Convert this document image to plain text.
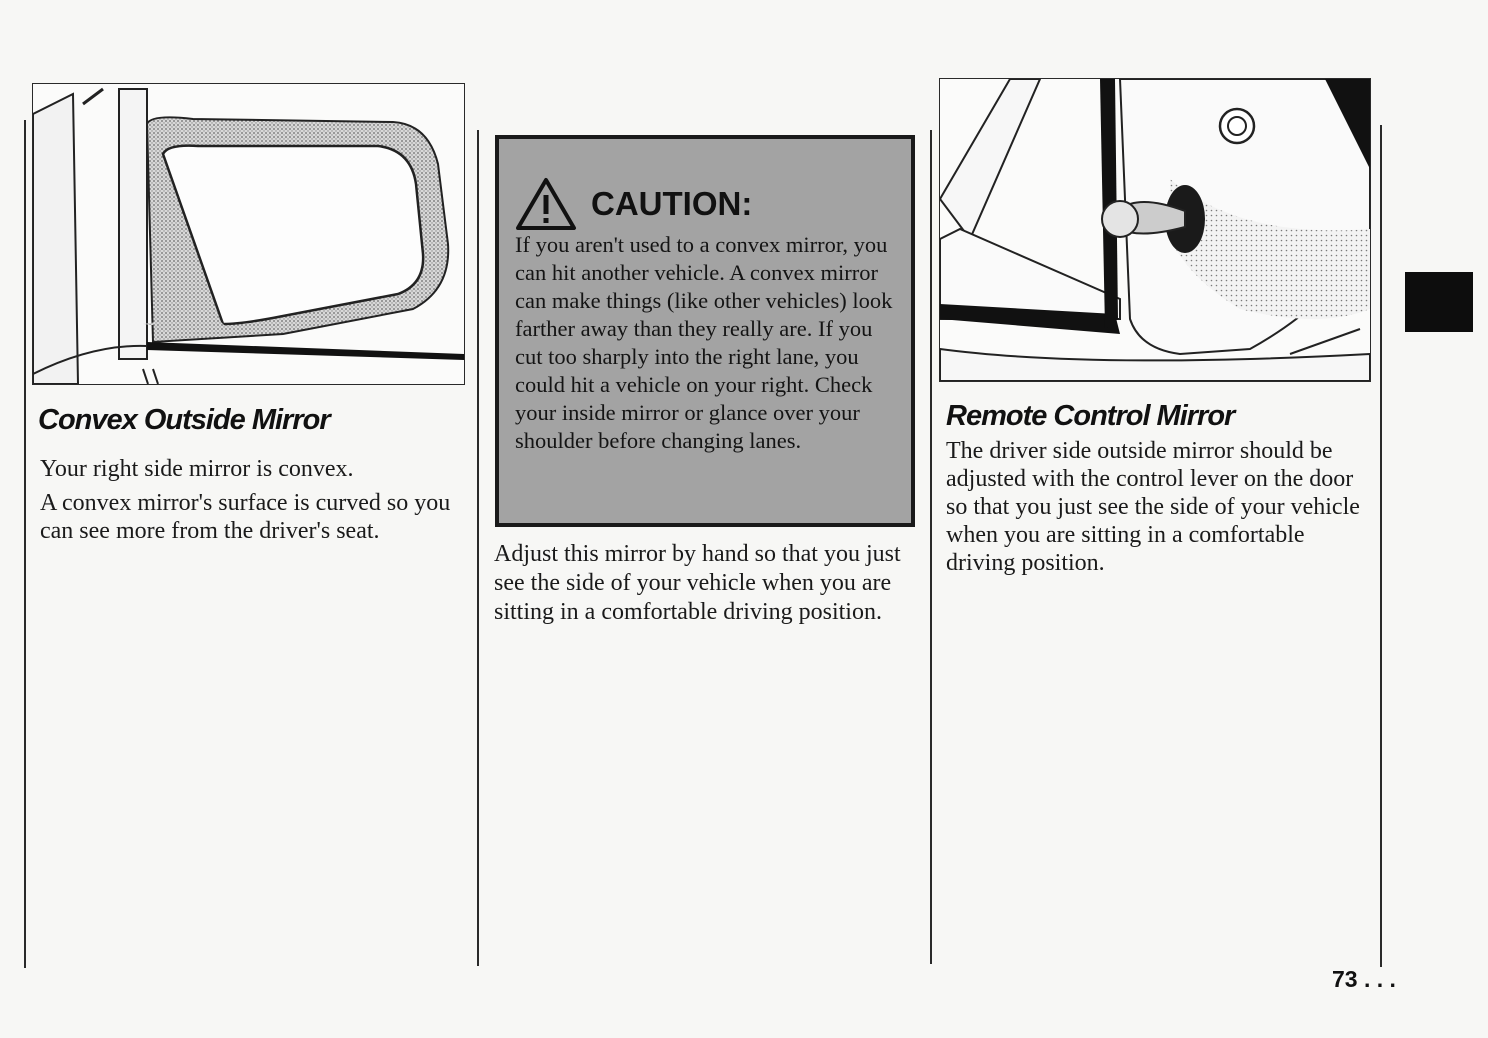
Convex Outside Mirror

Your right side mirror is convex.

A convex mirror's surface is curved so you can see more from the driver's seat.

CAUTION:
If you aren't used to a convex mirror, you can hit another vehicle. A convex mirror can make things (like other vehicles) look farther away than they really are. If you cut too sharply into the right lane, you could hit a vehicle on your right. Check your inside mirror or glance over your shoulder before changing lanes.
Adjust this mirror by hand so that you just see the side of your vehicle when you are sitting in a comfortable driving position.
Remote Control Mirror
The driver side outside mirror should be adjusted with the control lever on the door so that you just see the side of your vehicle when you are sitting in a comfortable driving position.
73 . . .
